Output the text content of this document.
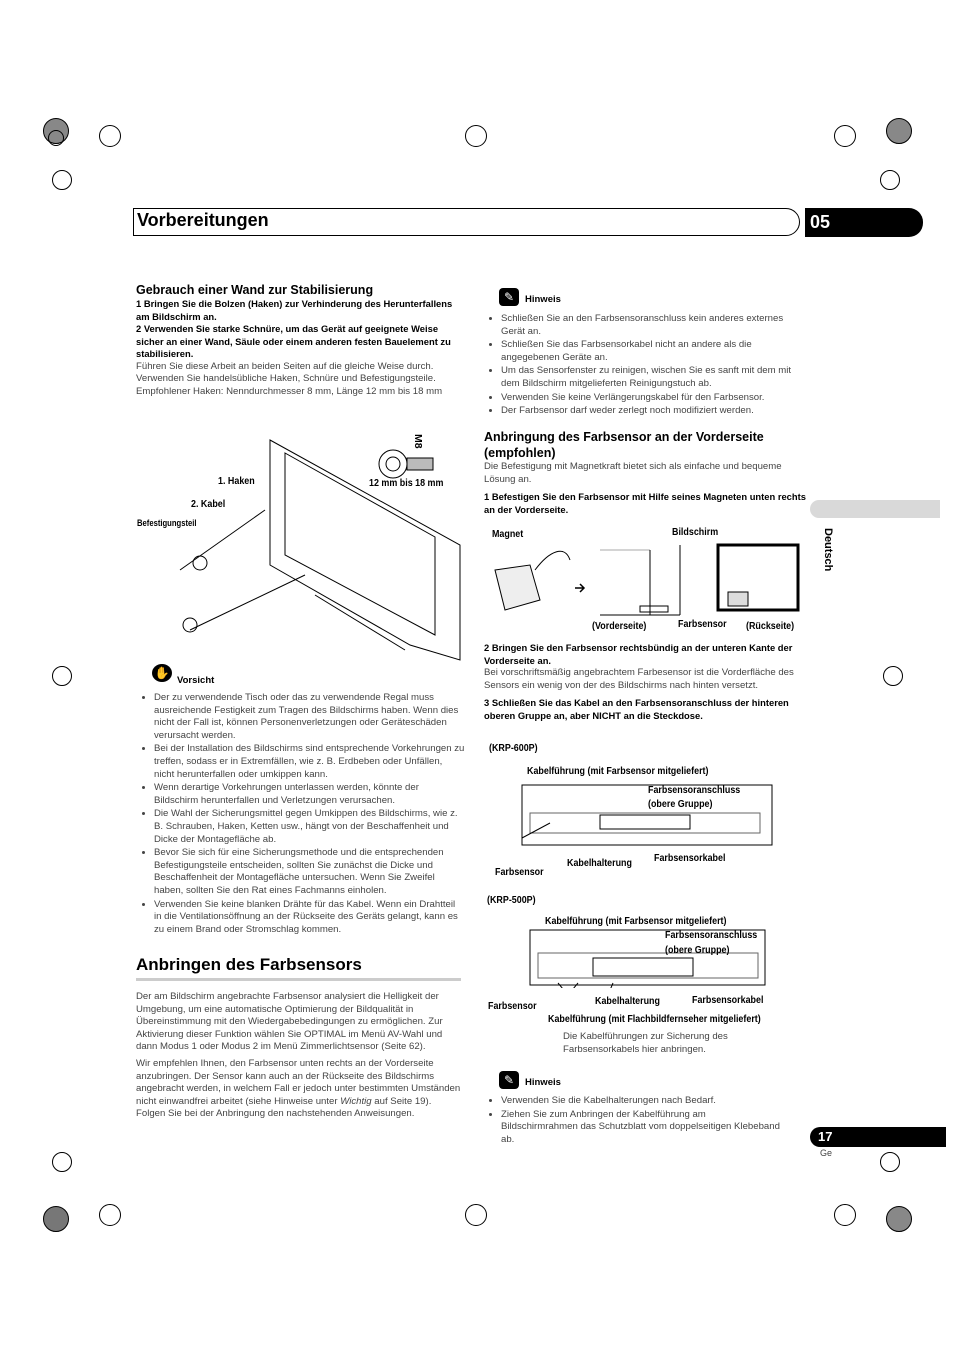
Vorbereitungen	05
Deutsch
Gebrauch einer Wand zur Stabilisierung
1 Bringen Sie die Bolzen (Haken) zur Verhinderung des Herunterfallens am Bildschirm an.
2 Verwenden Sie starke Schnüre, um das Gerät auf geeignete Weise sicher an einer Wand, Säule oder einem anderen festen Bauelement zu stabilisieren.
Führen Sie diese Arbeit an beiden Seiten auf die gleiche Weise durch. Verwenden Sie handelsübliche Haken, Schnüre und Befestigungsteile. Empfohlener Haken: Nenndurchmesser 8 mm, Länge 12 mm bis 18 mm
M8
12 mm bis 18 mm
1. Haken
2. Kabel
Befestigungsteil
✋
Vorsicht
• Der zu verwendende Tisch oder das zu verwendende Regal muss ausreichende Festigkeit zum Tragen des Bildschirms haben. Wenn dies nicht der Fall ist, können Personenverletzungen oder Geräteschäden verursacht werden.
• Bei der Installation des Bildschirms sind entsprechende Vorkehrungen zu treffen, sodass er in Extremfällen, wie z. B. Erdbeben oder Unfällen, nicht herunterfallen oder umkippen kann.
• Wenn derartige Vorkehrungen unterlassen werden, könnte der Bildschirm herunterfallen und Verletzungen verursachen.
• Die Wahl der Sicherungsmittel gegen Umkippen des Bildschirms, wie z. B. Schrauben, Haken, Ketten usw., hängt von der Beschaffenheit und Dicke der Montagefläche ab.
• Bevor Sie sich für eine Sicherungsmethode und die entsprechenden Befestigungsteile entscheiden, sollten Sie zunächst die Dicke und Beschaffenheit der Montagefläche untersuchen. Wenn Sie Zweifel haben, sollten Sie den Rat eines Fachmanns einholen.
• Verwenden Sie keine blanken Drähte für das Kabel. Wenn ein Drahtteil in die Ventilationsöffnung an der Rückseite des Geräts gelangt, kann es zu einem Brand oder Stromschlag kommen.
Anbringen des Farbsensors
Der am Bildschirm angebrachte Farbsensor analysiert die Helligkeit der Umgebung, um eine automatische Optimierung der Bildqualität in Übereinstimmung mit den Wiedergabebedingungen zu ermöglichen. Zur Aktivierung dieser Funktion wählen Sie OPTIMAL im Menü AV-Wahl und dann Modus 1 oder Modus 2 im Menü Zimmerlichtsensor (Seite 62).
Wir empfehlen Ihnen, den Farbsensor unten rechts an der Vorderseite anzubringen. Der Sensor kann auch an der Rückseite des Bildschirms angebracht werden, in welchem Fall er jedoch unter bestimmten Umständen nicht einwandfrei arbeitet (siehe Hinweise unter Wichtig auf Seite 19). Folgen Sie bei der Anbringung den nachstehenden Anweisungen.
✎	Hinweis
• Schließen Sie an den Farbsensoranschluss kein anderes externes Gerät an.
• Schließen Sie das Farbsensorkabel nicht an andere als die angegebenen Geräte an.
• Um das Sensorfenster zu reinigen, wischen Sie es sanft mit dem mit dem Bildschirm mitgelieferten Reinigungstuch ab.
• Verwenden Sie keine Verlängerungskabel für den Farbsensor.
• Der Farbsensor darf weder zerlegt noch modifiziert werden.
Anbringung des Farbsensor an der Vorderseite (empfohlen)
Die Befestigung mit Magnetkraft bietet sich als einfache und bequeme Lösung an.
1 Befestigen Sie den Farbsensor mit Hilfe seines Magneten unten rechts an der Vorderseite.
Magnet	Bildschirm
(Vorderseite)	Farbsensor (Rückseite)
2 Bringen Sie den Farbsensor rechtsbündig an der unteren Kante der Vorderseite an.
Bei vorschriftsmäßig angebrachtem Farbesensor ist die Vorderfläche des Sensors ein wenig von der des Bildschirms nach hinten versetzt.
3 Schließen Sie das Kabel an den Farbsensoranschluss der hinteren oberen Gruppe an, aber NICHT an die Steckdose.
(KRP-600P)
Kabelführung (mit Farbsensor mitgeliefert)
Farbsensoranschluss
(obere Gruppe)
Farbsensor
Kabelhalterung Farbsensorkabel
(KRP-500P)
Kabelführung (mit Farbsensor mitgeliefert)
Farbsensoranschluss
(obere Gruppe)
Farbsensor	Kabelhalterung	Farbsensorkabel
Kabelführung (mit Flachbildfernseher mitgeliefert)
Die Kabelführungen zur Sicherung des Farbsensorkabels hier anbringen.
✎	Hinweis
• Verwenden Sie die Kabelhalterungen nach Bedarf.
• Ziehen Sie zum Anbringen der Kabelführung am Bildschirmrahmen das Schutzblatt vom doppelseitigen Klebeband ab.	17
Ge
